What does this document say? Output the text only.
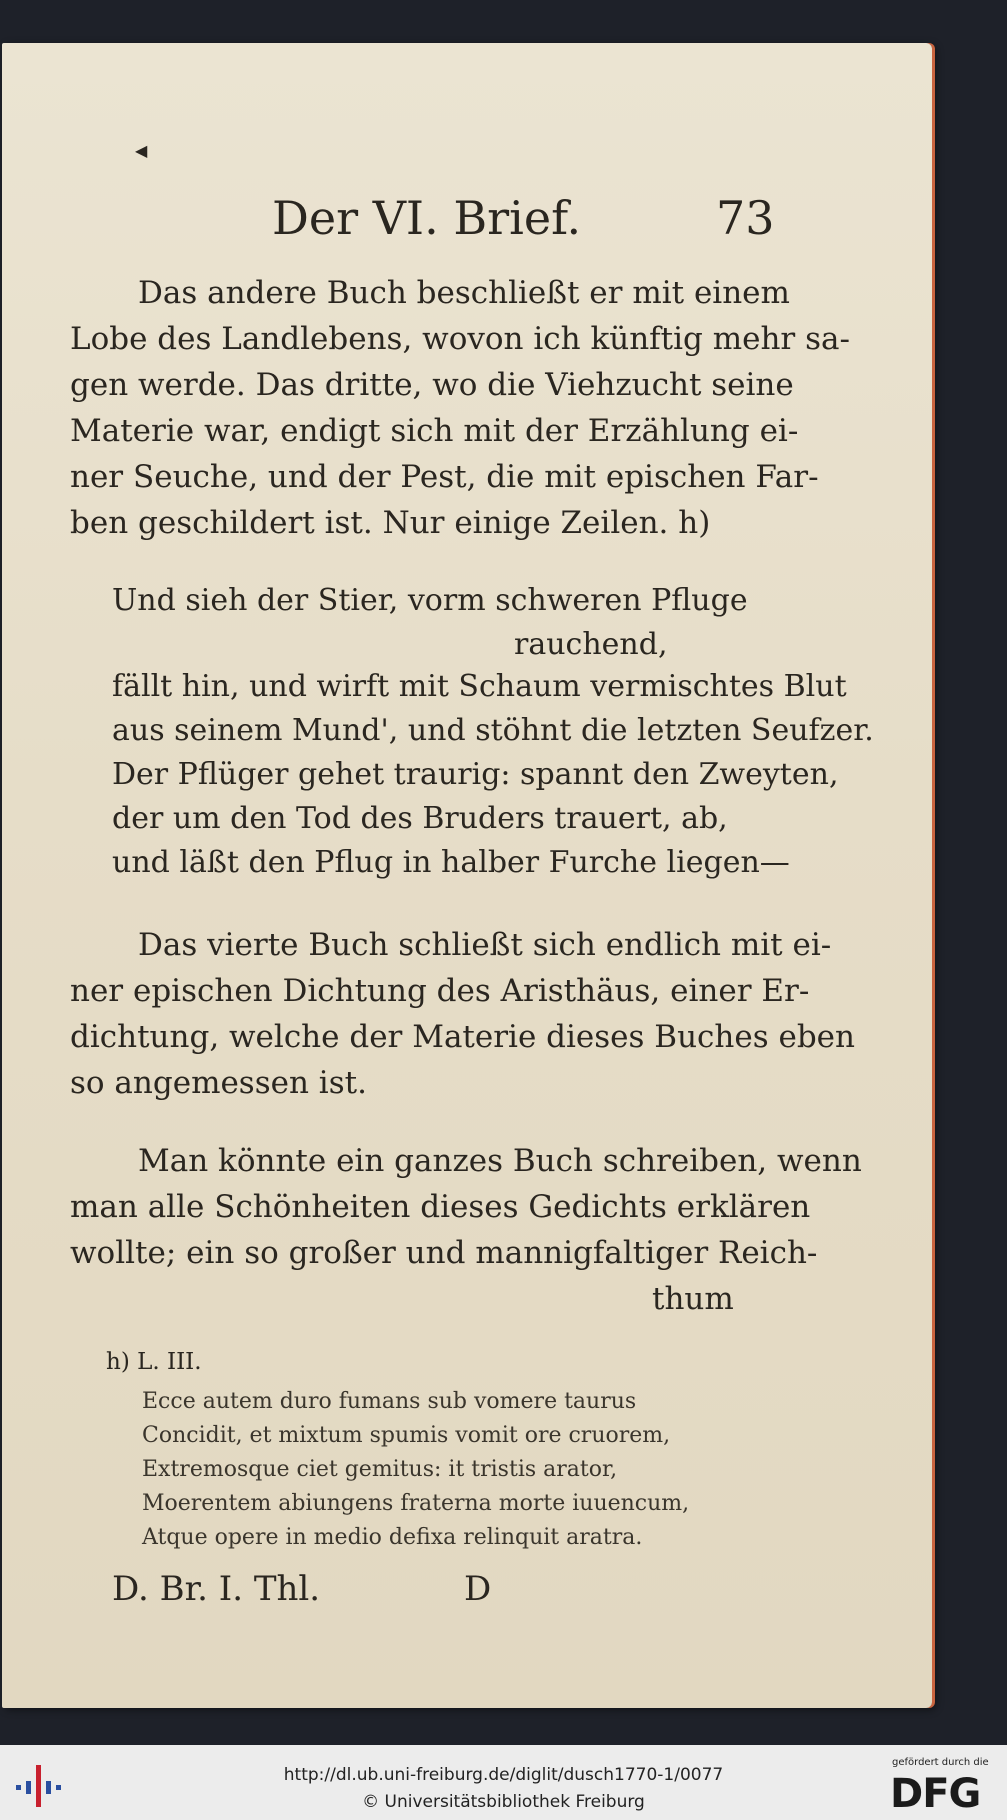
◀
Der VI. Brief.	73
Das andere Buch beschließt er mit einem
Lobe des Landlebens, wovon ich künftig mehr sa-
gen werde. Das dritte, wo die Viehzucht seine
Materie war, endigt sich mit der Erzählung ei-
ner Seuche, und der Pest, die mit epischen Far-
ben geschildert ist. Nur einige Zeilen. h)
Und sieh der Stier, vorm schweren Pfluge
rauchend,
fällt hin, und wirft mit Schaum vermischtes Blut
aus seinem Mund', und stöhnt die letzten Seufzer.
Der Pflüger gehet traurig: spannt den Zweyten,
der um den Tod des Bruders trauert, ab,
und läßt den Pflug in halber Furche liegen—
Das vierte Buch schließt sich endlich mit ei-
ner epischen Dichtung des Aristhäus, einer Er-
dichtung, welche der Materie dieses Buches eben
so angemessen ist.
Man könnte ein ganzes Buch schreiben, wenn
man alle Schönheiten dieses Gedichts erklären
wollte; ein so großer und mannigfaltiger Reich-
thum
h) L. III.
Ecce autem duro fumans sub vomere taurus
Concidit, et mixtum spumis vomit ore cruorem,
Extremosque ciet gemitus: it tristis arator,
Moerentem abiungens fraterna morte iuuencum,
Atque opere in medio defixa relinquit aratra.
D. Br. I. Thl.	D
http://dl.ub.uni-freiburg.de/diglit/dusch1770-1/0077
© Universitätsbibliothek Freiburg
gefördert durch die
DFG
